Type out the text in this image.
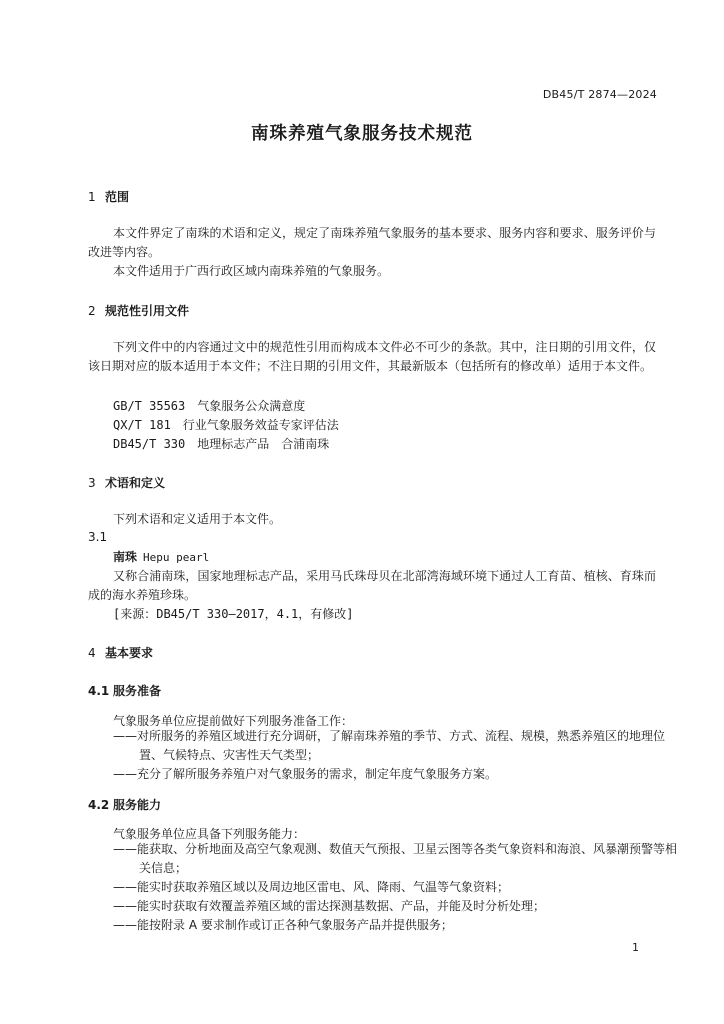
DB45/T 2874—2024
南珠养殖气象服务技术规范
1 范围
本文件界定了南珠的术语和定义，规定了南珠养殖气象服务的基本要求、服务内容和要求、服务评价与改进等内容。
本文件适用于广西行政区域内南珠养殖的气象服务。
2 规范性引用文件
下列文件中的内容通过文中的规范性引用而构成本文件必不可少的条款。其中，注日期的引用文件，仅该日期对应的版本适用于本文件；不注日期的引用文件，其最新版本（包括所有的修改单）适用于本文件。
GB/T 35563　气象服务公众满意度
QX/T 181　行业气象服务效益专家评估法
DB45/T 330　地理标志产品　合浦南珠
3 术语和定义
下列术语和定义适用于本文件。
3.1
南珠 Hepu pearl
又称合浦南珠，国家地理标志产品，采用马氏珠母贝在北部湾海域环境下通过人工育苗、植核、育珠而成的海水养殖珍珠。
[来源：DB45/T 330—2017，4.1，有修改]
4 基本要求
4.1 服务准备
气象服务单位应提前做好下列服务准备工作：
——对所服务的养殖区域进行充分调研，了解南珠养殖的季节、方式、流程、规模，熟悉养殖区的地理位置、气候特点、灾害性天气类型；
——充分了解所服务养殖户对气象服务的需求，制定年度气象服务方案。
4.2 服务能力
气象服务单位应具备下列服务能力：
——能获取、分析地面及高空气象观测、数值天气预报、卫星云图等各类气象资料和海浪、风暴潮预警等相关信息；
——能实时获取养殖区域以及周边地区雷电、风、降雨、气温等气象资料；
——能实时获取有效覆盖养殖区域的雷达探测基数据、产品，并能及时分析处理；
——能按附录 A 要求制作或订正各种气象服务产品并提供服务；
1
